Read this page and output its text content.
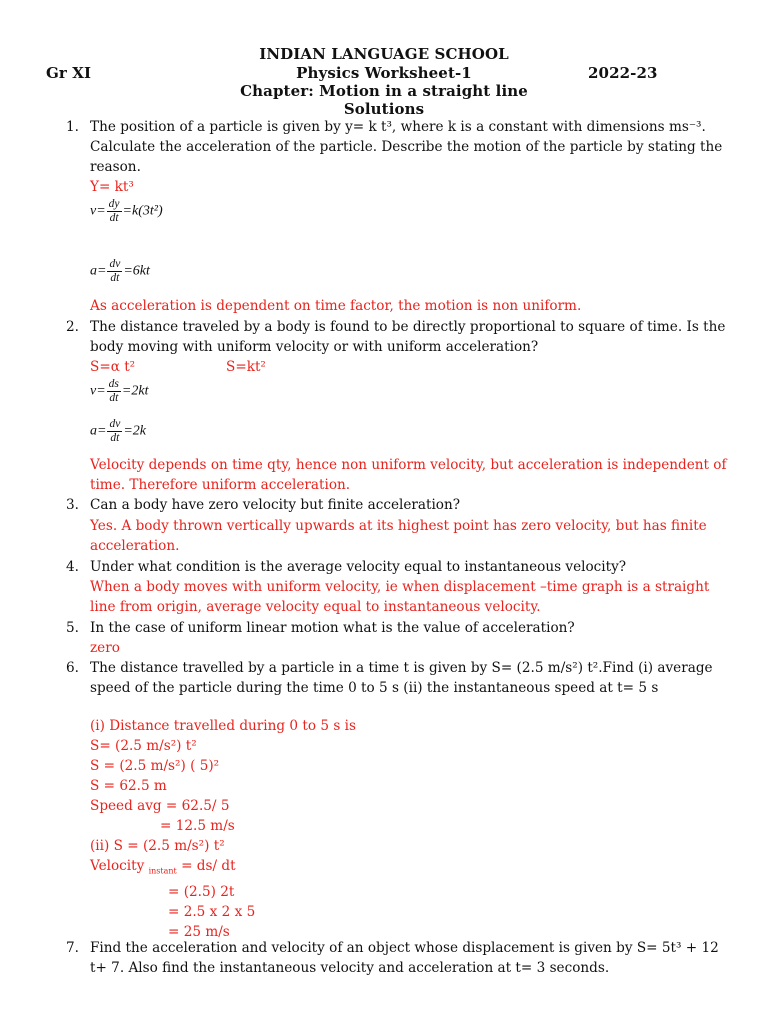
INDIAN LANGUAGE SCHOOL
Gr XI	Physics Worksheet-1	2022-23
Chapter: Motion in a straight line
Solutions
1. The position of a particle is given by y= k t³, where k is a constant with dimensions ms⁻³. Calculate the acceleration of the particle. Describe the motion of the particle by stating the reason.
Y= kt³
$v= \frac{dy}{dt} =k(3t^2)$
$a= \frac{dv}{dt} =6kt$
As acceleration is dependent on time factor, the motion is non uniform.
2. The distance traveled by a body is found to be directly proportional to square of time. Is the body moving with uniform velocity or with uniform acceleration?
S=α t²	S=kt²
$v= \frac{ds}{dt} =2kt$
$a= \frac{dv}{dt} =2k$
Velocity depends on time qty, hence non uniform velocity, but acceleration is independent of time. Therefore uniform acceleration.
3. Can a body have zero velocity but finite acceleration?
Yes. A body thrown vertically upwards at its highest point has zero velocity, but has finite acceleration.
4. Under what condition is the average velocity equal to instantaneous velocity?
When a body moves with uniform velocity, ie when displacement –time graph is a straight line from origin, average velocity equal to instantaneous velocity.
5. In the case of uniform linear motion what is the value of acceleration?
zero
6. The distance travelled by a particle in a time t is given by S= (2.5 m/s²) t².Find (i) average speed of the particle during the time 0 to 5 s (ii) the instantaneous speed at t= 5 s
(i) Distance travelled during 0 to 5 s is
S= (2.5 m/s²) t²
S = (2.5 m/s²) ( 5)²
S = 62.5 m
Speed avg = 62.5/ 5
= 12.5 m/s
(ii) S = (2.5 m/s²) t²
Velocity $_{instant}$ = ds/ dt
= (2.5) 2t
= 2.5 x 2 x 5
= 25 m/s
7. Find the acceleration and velocity of an object whose displacement is given by S= 5t³ + 12 t+ 7. Also find the instantaneous velocity and acceleration at t= 3 seconds.
